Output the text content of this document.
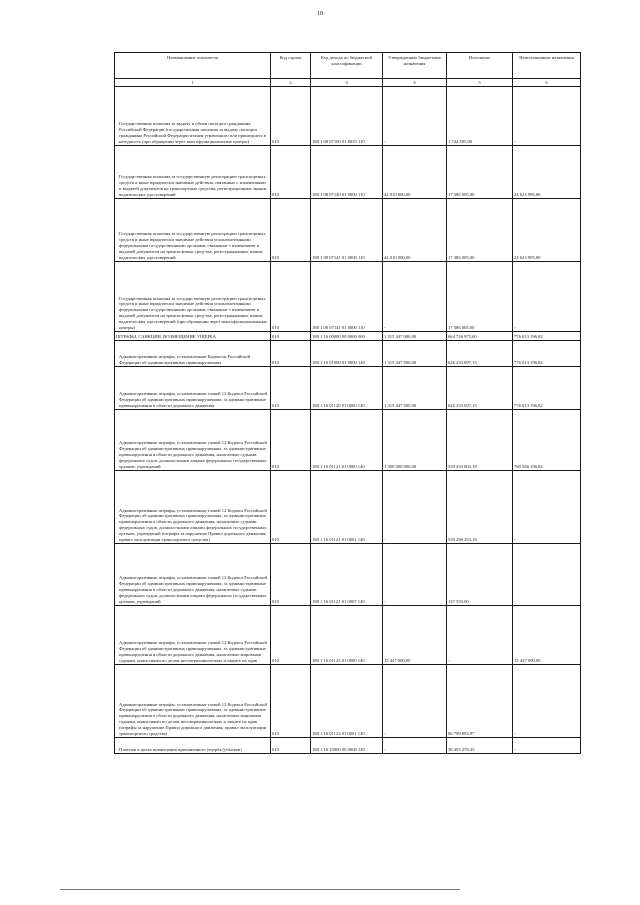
18
Наименование показателя	Код строки	Код дохода по бюджетной классификации	Утвержденные бюджетные назначения	Исполнено	Неисполненные назначения
1	2	3	4	5	6
Государственная пошлина за выдачу и обмен паспорта гражданина Российской Федерации (государственная пошлина за выдачу паспорта гражданина Российской Федерации взамен утраченного или пришедшего в негодность (при обращении через многофункциональные центры)	010	188 1 08 07100 01 8035 110	-	1 742 505,00	-
Государственная пошлина за государственную регистрацию транспортных средств и иные юридически значимые действия, связанные с изменениями и выдачей документов на транспортные средства, регистрационных знаков, водительских удостоверений	010	188 1 08 07140 01 0000 110	42 010 000,00	17 386 005,00	24 623 995,00
Государственная пошлина за государственную регистрацию транспортных средств и иные юридически значимые действия уполномоченными федеральными государственными органами, связанные с изменением и выдачей документов на транспортные средства, регистрационных знаков, водительских удостоверений	010	188 1 08 07141 01 0000 110	42 010 000,00	17 386 005,00	24 623 995,00
Государственная пошлина за государственную регистрацию транспортных средств и иные юридически значимые действия уполномоченными федеральными государственными органами, связанные с изменением и выдачей документов на транспортные средства, регистрационных знаков, водительских удостоверений (при обращении через многофункциональные центры)	010	188 1 08 07141 01 8000 110	-	17 386 005,00	-
ШТРАФЫ, САНКЦИИ, ВОЗМЕЩЕНИЕ УЩЕРБА	010	188 1 16 00000 00 0000 000	1 315 447 000,00	664 726 975,60	776 013 196,82
Административные штрафы, установленные Кодексом Российской Федерации об административных правонарушениях	010	188 1 16 01000 01 0000 140	1 315 447 000,00	626 233 697,15	776 013 196,82
Административные штрафы, установленные главой 12 Кодекса Российской Федерации об административных правонарушениях, за административные правонарушения в области дорожного движения	010	188 1 16 01120 01 0000 140	1 315 447 000,00	626 233 697,15	776 013 196,82
Административные штрафы, установленные главой 12 Кодекса Российской Федерации об административных правонарушениях, за административные правонарушения в области дорожного движения, налагаемые судьями федеральных судов, должностными лицами федеральных государственных органов, учреждений	010	188 1 16 01121 01 0000 140	1 300 000 000,00	539 433 803,18	760 566 196,82
Административные штрафы, установленные главой 12 Кодекса Российской Федерации об административных правонарушениях, за административные правонарушения в области дорожного движения, налагаемые судьями федеральных судов, должностными лицами федеральных государственных органов, учреждений (штрафы за нарушение Правил дорожного движения, правил эксплуатации транспортного средства)	010	188 1 16 01121 01 0001 140	-	539 296 253,18	-
Административные штрафы, установленные главой 12 Кодекса Российской Федерации об административных правонарушениях, за административные правонарушения в области дорожного движения, налагаемые судьями федеральных судов, должностными лицами федеральных государственных органов, учреждений	010	188 1 16 01121 01 0007 140	-	137 550,00	-
Административные штрафы, установленные главой 12 Кодекса Российской Федерации об административных правонарушениях, за административные правонарушения в области дорожного движения, налагаемые мировыми судьями, комиссиями по делам несовершеннолетних и защите их прав	010	188 1 16 01123 01 0000 140	15 447 000,00	-	15 447 000,00
Административные штрафы, установленные главой 12 Кодекса Российской Федерации об административных правонарушениях, за административные правонарушения в области дорожного движения, налагаемые мировыми судьями, комиссиями по делам несовершеннолетних и защите их прав (штрафы за нарушение Правил дорожного движения, правил эксплуатации транспортного средства)	010	188 1 16 01123 01 0001 140	-	86 799 893,97	-
Платежи в целях возмещения причиненного ущерба (убытков)	010	188 1 16 10000 00 0000 140	-	38 493 278,45	-
